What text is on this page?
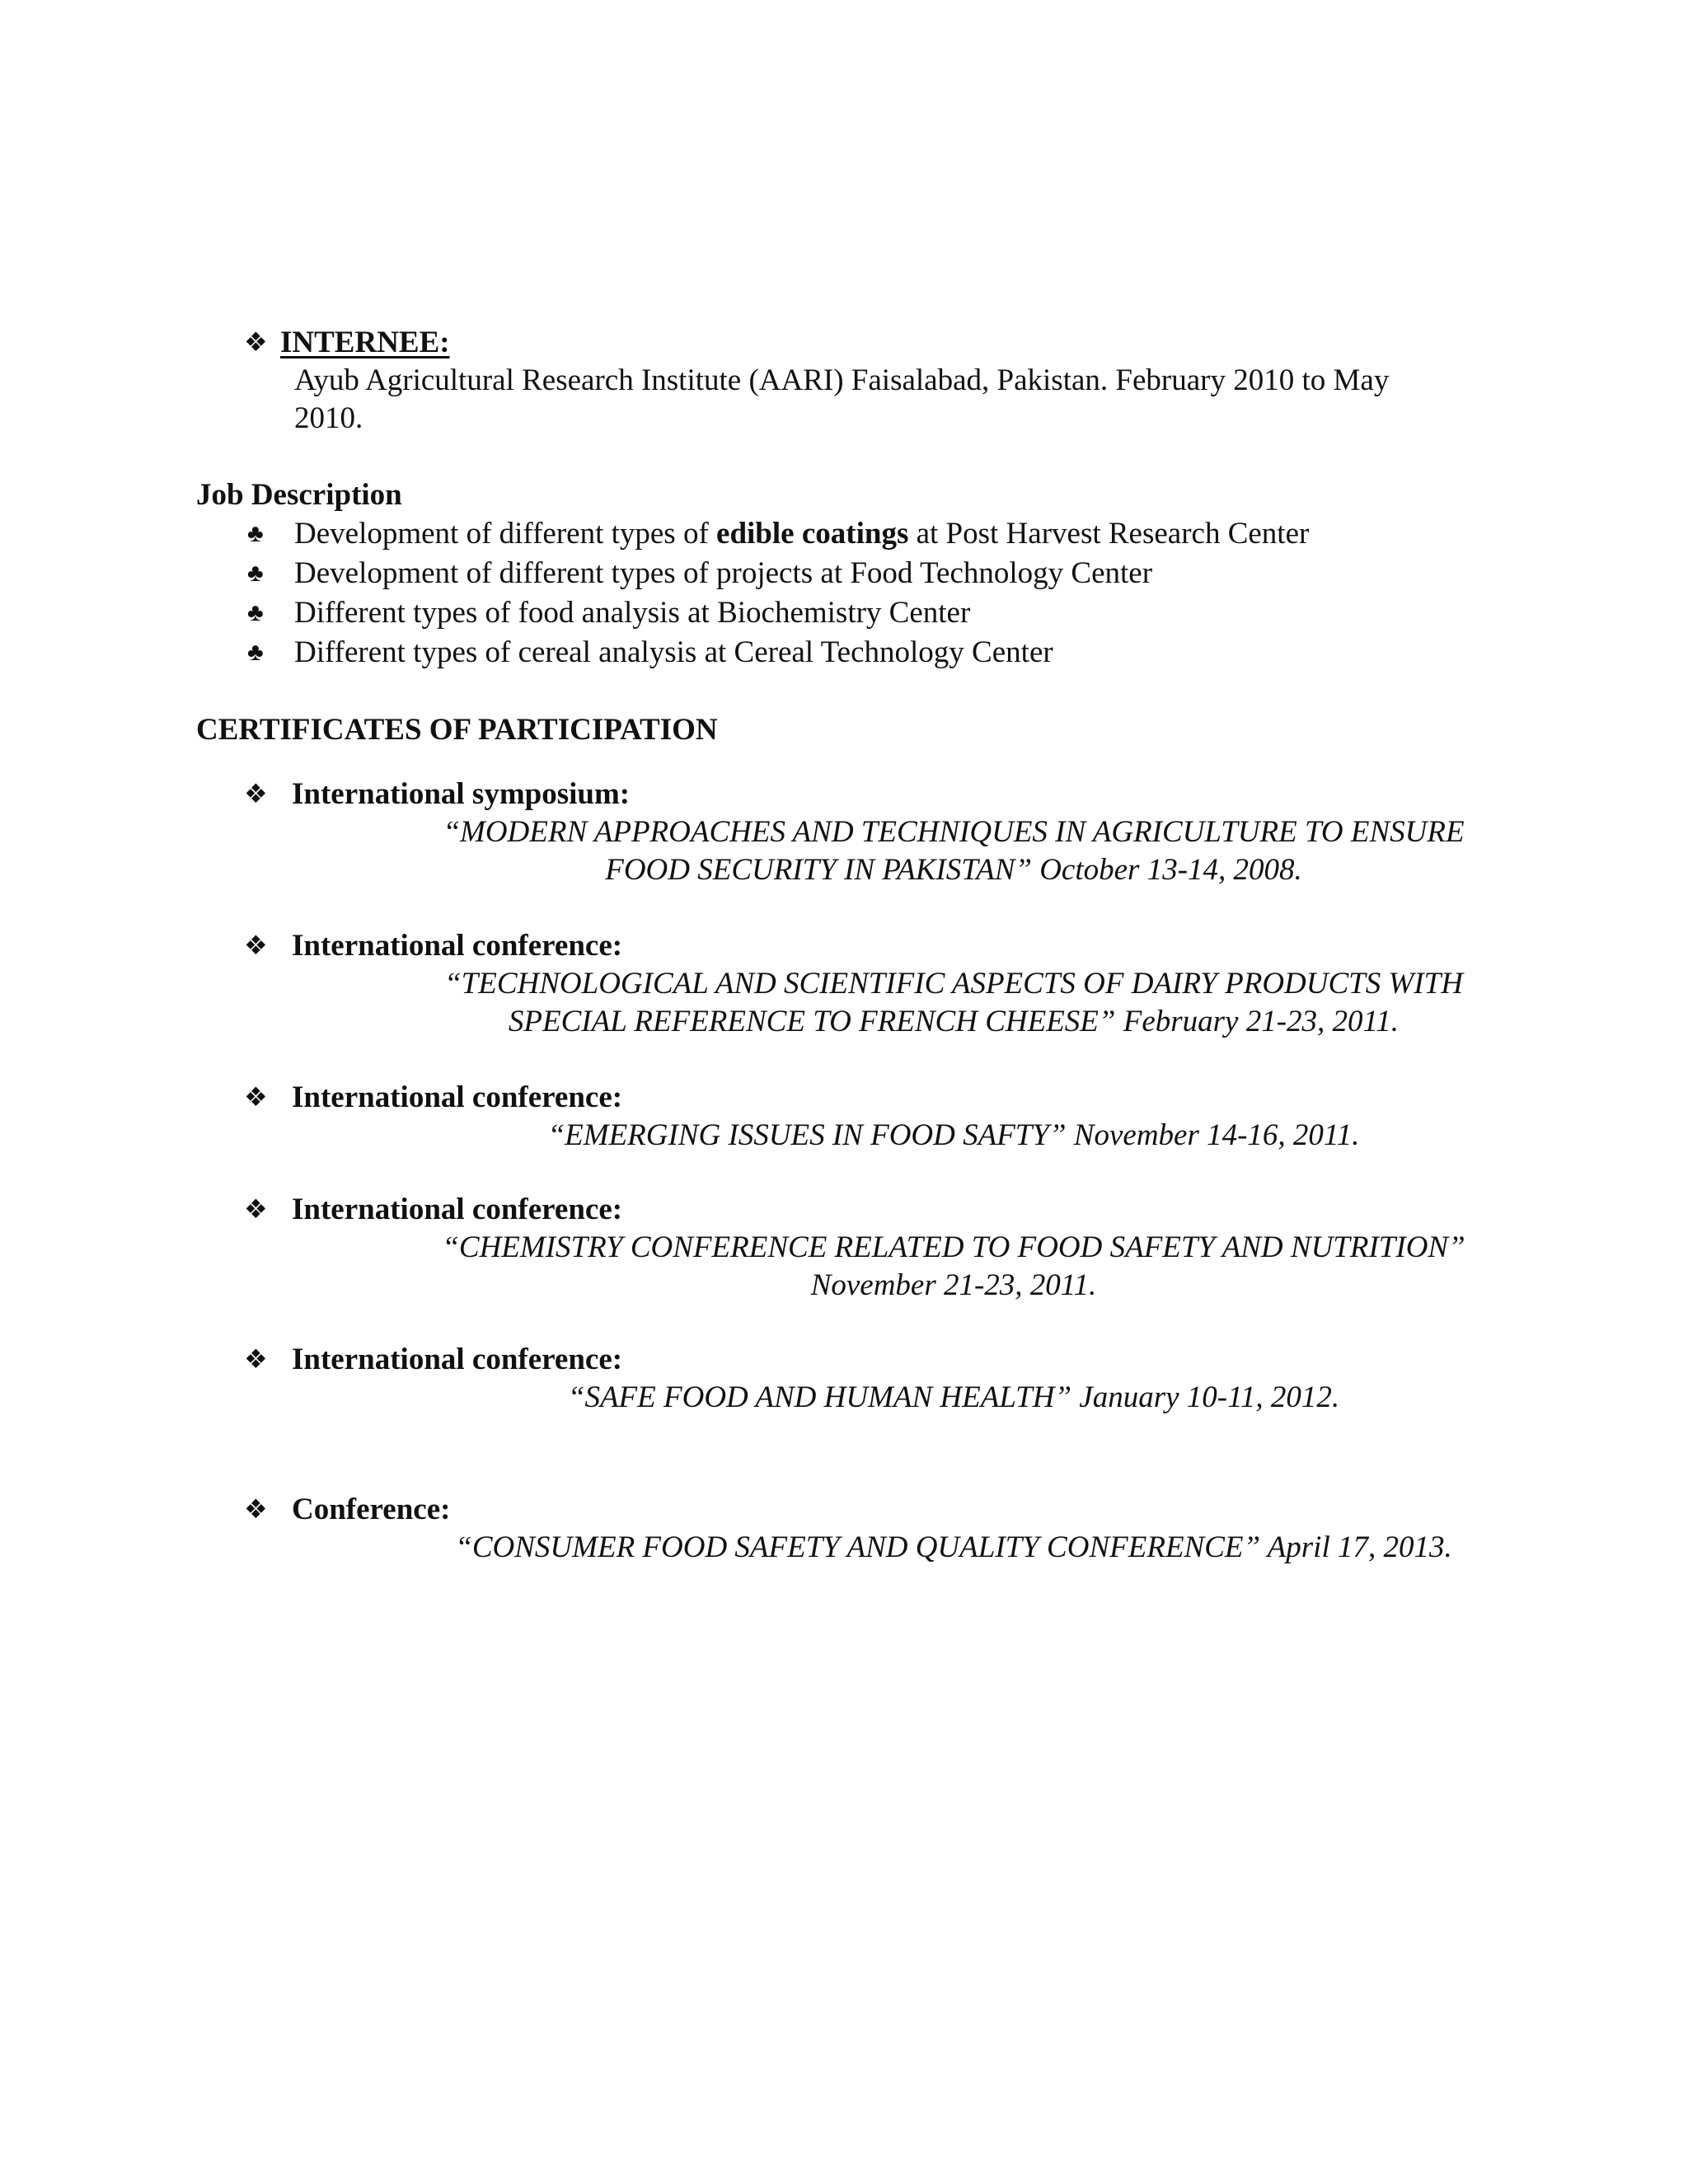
❖ INTERNEE:
Ayub Agricultural Research Institute (AARI) Faisalabad, Pakistan. February 2010 to May
2010.
Job Description
♣ Development of different types of edible coatings at Post Harvest Research Center
♣ Development of different types of projects at Food Technology Center
♣ Different types of food analysis at Biochemistry Center
♣ Different types of cereal analysis at Cereal Technology Center
CERTIFICATES OF PARTICIPATION
❖ International symposium:
“MODERN APPROACHES AND TECHNIQUES IN AGRICULTURE TO ENSURE
FOOD SECURITY IN PAKISTAN” October 13-14, 2008.
❖ International conference:
“TECHNOLOGICAL AND SCIENTIFIC ASPECTS OF DAIRY PRODUCTS WITH
SPECIAL REFERENCE TO FRENCH CHEESE” February 21-23, 2011.
❖ International conference:
“EMERGING ISSUES IN FOOD SAFTY” November 14-16, 2011.
❖ International conference:
“CHEMISTRY CONFERENCE RELATED TO FOOD SAFETY AND NUTRITION”
November 21-23, 2011.
❖ International conference:
“SAFE FOOD AND HUMAN HEALTH” January 10-11, 2012.
❖ Conference:
“CONSUMER FOOD SAFETY AND QUALITY CONFERENCE” April 17, 2013.
